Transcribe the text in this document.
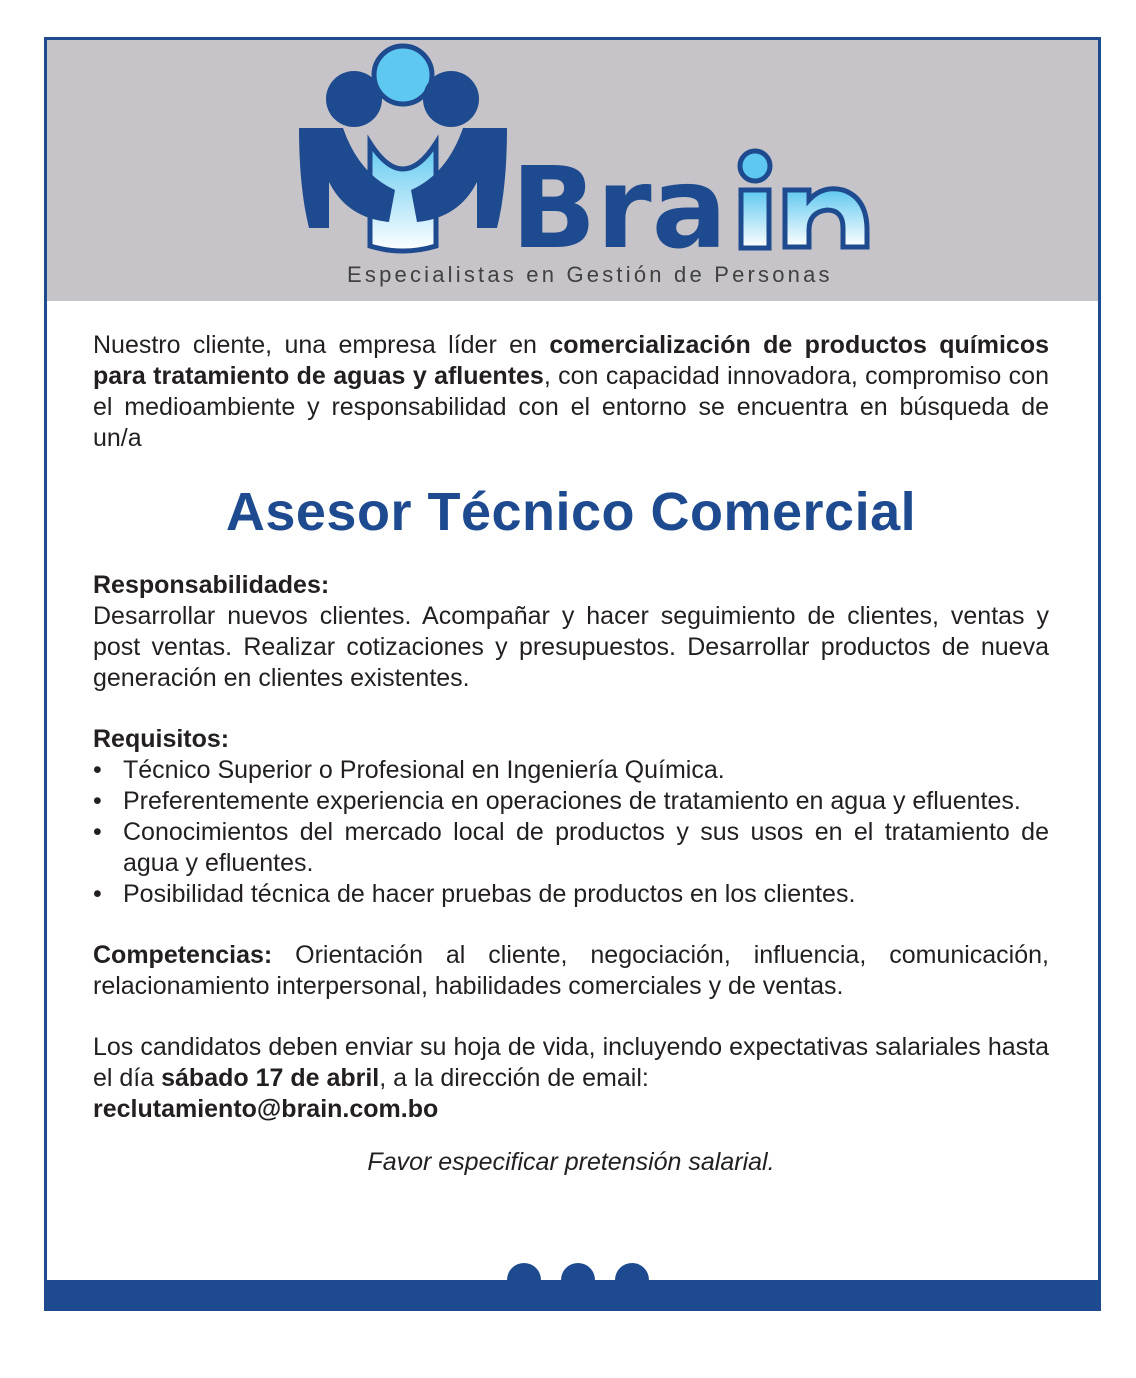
Bra
Especialistas en Gestión de Personas

Nuestro cliente, una empresa líder en comercialización de productos químicos para tratamiento de aguas y afluentes, con capacidad innovadora, compromiso con el medioambiente y responsabilidad con el entorno se encuentra en búsqueda de un/a

Asesor Técnico Comercial

Responsabilidades:

Desarrollar nuevos clientes. Acompañar y hacer seguimiento de clientes, ventas y post ventas. Realizar cotizaciones y presupuestos. Desarrollar productos de nueva generación en clientes existentes.

Requisitos:

• Técnico Superior o Profesional en Ingeniería Química.
• Preferentemente experiencia en operaciones de tratamiento en agua y efluentes.
• Conocimientos del mercado local de productos y sus usos en el tratamiento de agua y efluentes.
• Posibilidad técnica de hacer pruebas de productos en los clientes.

Competencias: Orientación al cliente, negociación, influencia, comunicación, relacionamiento interpersonal, habilidades comerciales y de ventas.

Los candidatos deben enviar su hoja de vida, incluyendo expectativas salariales hasta el día sábado 17 de abril, a la dirección de email:
reclutamiento@brain.com.bo

Favor especificar pretensión salarial.
